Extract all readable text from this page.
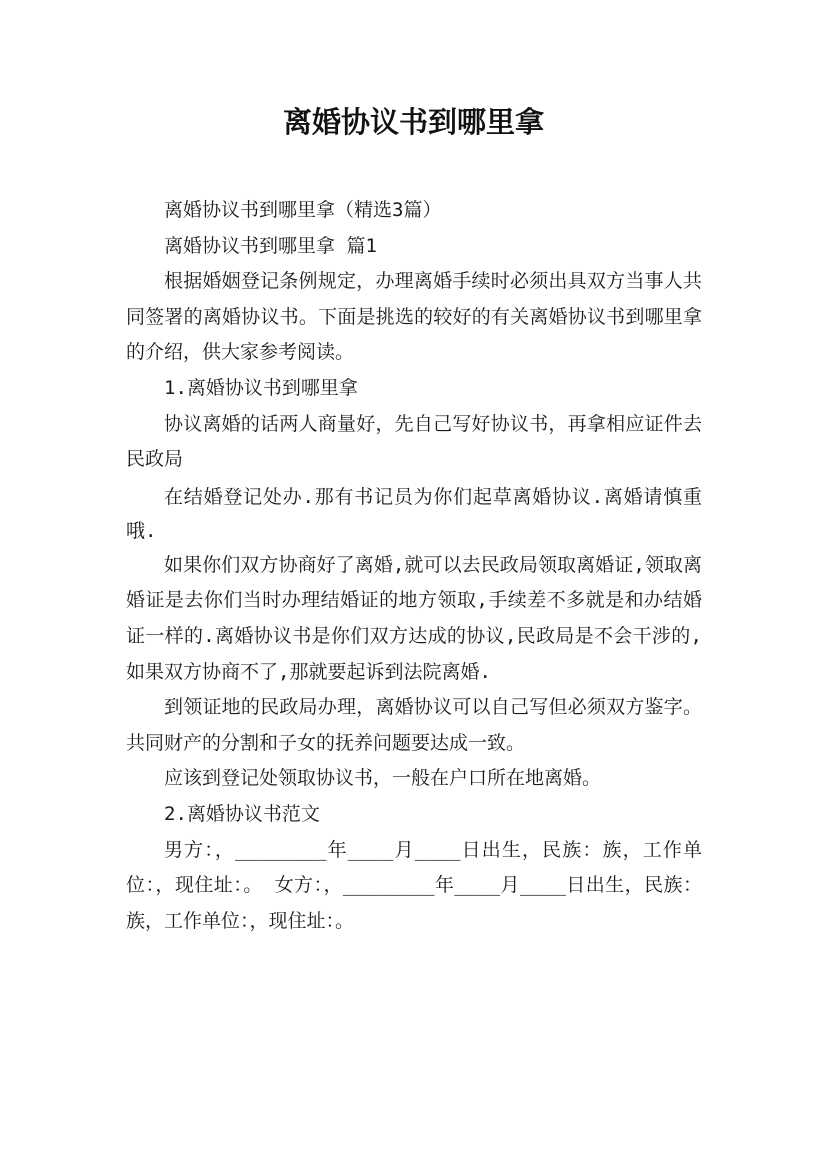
离婚协议书到哪里拿

离婚协议书到哪里拿（精选3篇）

离婚协议书到哪里拿 篇1

根据婚姻登记条例规定，办理离婚手续时必须出具双方当事人共同签署的离婚协议书。下面是挑选的较好的有关离婚协议书到哪里拿的介绍，供大家参考阅读。

1.离婚协议书到哪里拿

协议离婚的话两人商量好，先自己写好协议书，再拿相应证件去民政局

在结婚登记处办.那有书记员为你们起草离婚协议.离婚请慎重哦.

如果你们双方协商好了离婚,就可以去民政局领取离婚证,领取离婚证是去你们当时办理结婚证的地方领取,手续差不多就是和办结婚证一样的.离婚协议书是你们双方达成的协议,民政局是不会干涉的,如果双方协商不了,那就要起诉到法院离婚.

到领证地的民政局办理，离婚协议可以自己写但必须双方鉴字。共同财产的分割和子女的抚养问题要达成一致。

应该到登记处领取协议书，一般在户口所在地离婚。

2.离婚协议书范文

男方：，________年____月____日出生，民族：族，工作单位：，现住址：。 女方：，________年____月____日出生，民族：族，工作单位：，现住址：。
